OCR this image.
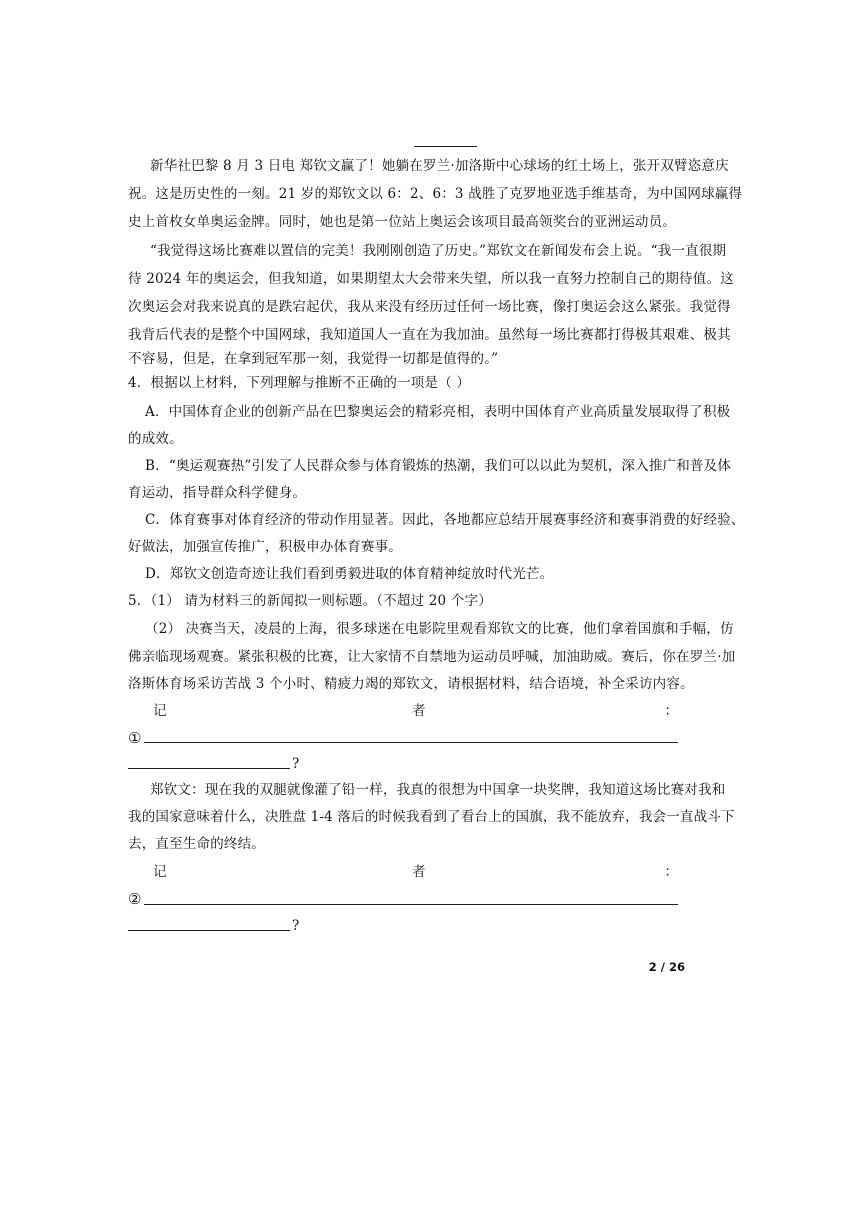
新华社巴黎 8 月 3 日电 郑钦文赢了！她躺在罗兰·加洛斯中心球场的红土场上，张开双臂恣意庆
祝。这是历史性的一刻。21 岁的郑钦文以 6：2、6：3 战胜了克罗地亚选手维基奇，为中国网球赢得
史上首枚女单奥运金牌。同时，她也是第一位站上奥运会该项目最高领奖台的亚洲运动员。
“我觉得这场比赛难以置信的完美！我刚刚创造了历史。”郑钦文在新闻发布会上说。“我一直很期
待 2024 年的奥运会，但我知道，如果期望太大会带来失望，所以我一直努力控制自己的期待值。这
次奥运会对我来说真的是跌宕起伏，我从来没有经历过任何一场比赛，像打奥运会这么紧张。我觉得
我背后代表的是整个中国网球，我知道国人一直在为我加油。虽然每一场比赛都打得极其艰难、极其
不容易，但是，在拿到冠军那一刻，我觉得一切都是值得的。”
4．根据以上材料，下列理解与推断不正确的一项是（ ）
A．中国体育企业的创新产品在巴黎奥运会的精彩亮相，表明中国体育产业高质量发展取得了积极
的成效。
B．“奥运观赛热”引发了人民群众参与体育锻炼的热潮，我们可以以此为契机，深入推广和普及体
育运动，指导群众科学健身。
C．体育赛事对体育经济的带动作用显著。因此，各地都应总结开展赛事经济和赛事消费的好经验、
好做法，加强宣传推广，积极申办体育赛事。
D．郑钦文创造奇迹让我们看到勇毅进取的体育精神绽放时代光芒。
5．（1） 请为材料三的新闻拟一则标题。（不超过 20 个字）
（2） 决赛当天，凌晨的上海，很多球迷在电影院里观看郑钦文的比赛，他们拿着国旗和手幅，仿
佛亲临现场观赛。紧张积极的比赛，让大家情不自禁地为运动员呼喊，加油助威。赛后，你在罗兰·加
洛斯体育场采访苦战 3 个小时、精疲力竭的郑钦文，请根据材料，结合语境，补全采访内容。
记	者	：
①
?
郑钦文：现在我的双腿就像灌了铅一样，我真的很想为中国拿一块奖牌，我知道这场比赛对我和
我的国家意味着什么，决胜盘 1-4 落后的时候我看到了看台上的国旗，我不能放弃，我会一直战斗下
去，直至生命的终结。
记	者	：
②
?
2 / 26
